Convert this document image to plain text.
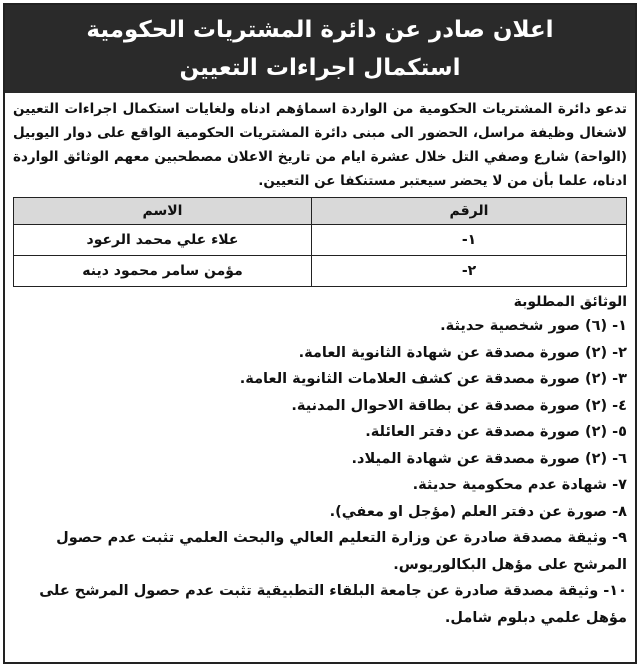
اعلان صادر عن دائرة المشتريات الحكومية
استكمال اجراءات التعيين
تدعو دائرة المشتريات الحكومية من الواردة اسماؤهم ادناه ولغايات استكمال اجراءات التعيين لاشغال وظيفة مراسل، الحضور الى مبنى دائرة المشتريات الحكومية الواقع على دوار اليوبيل (الواحة) شارع وصفي التل خلال عشرة ايام من تاريخ الاعلان مصطحبين معهم الوثائق الواردة ادناه، علما بأن من لا يحضر سيعتبر مستنكفا عن التعيين.
الرقم	الاسم
١-	علاء علي محمد الرعود
٢-	مؤمن سامر محمود دينه
الوثائق المطلوبة
١- (٦) صور شخصية حديثة.
٢- (٢) صورة مصدقة عن شهادة الثانوية العامة.
٣- (٢) صورة مصدقة عن كشف العلامات الثانوية العامة.
٤- (٢) صورة مصدقة عن بطاقة الاحوال المدنية.
٥- (٢) صورة مصدقة عن دفتر العائلة.
٦- (٢) صورة مصدقة عن شهادة الميلاد.
٧- شهادة عدم محكومية حديثة.
٨- صورة عن دفتر العلم (مؤجل او معفي).
٩- وثيقة مصدقة صادرة عن وزارة التعليم العالي والبحث العلمي تثبت عدم حصول المرشح على مؤهل البكالوريوس.
١٠- وثيقة مصدقة صادرة عن جامعة البلقاء التطبيقية تثبت عدم حصول المرشح على مؤهل علمي دبلوم شامل.
